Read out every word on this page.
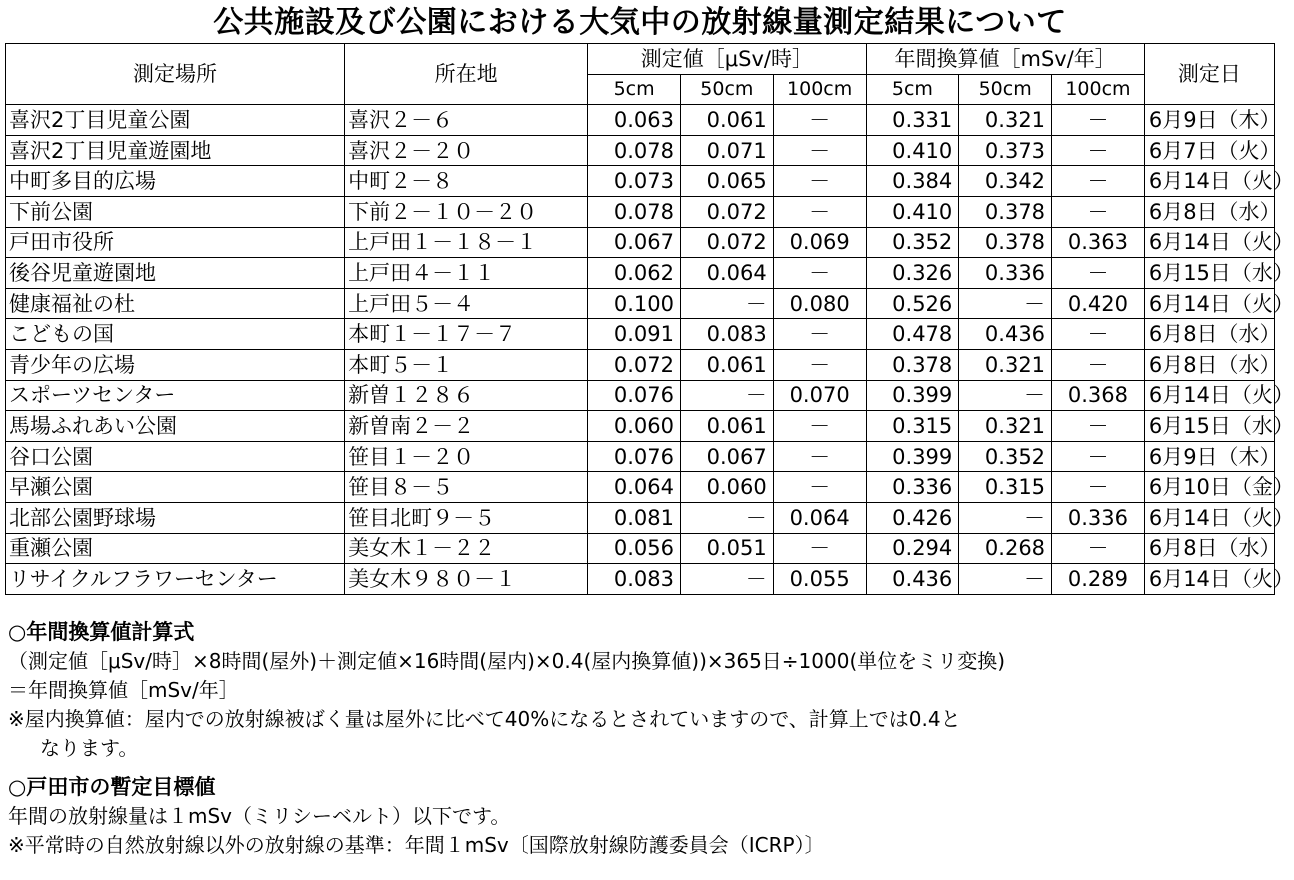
公共施設及び公園における大気中の放射線量測定結果について
測定場所	所在地	測定値［μSv/時］			年間換算値［mSv/年］			測定日
		5cm	50cm	100cm	5cm	50cm	100cm	
喜沢2丁目児童公園	喜沢２－６	0.063	0.061	－	0.331	0.321	－	6月9日（木）
喜沢2丁目児童遊園地	喜沢２－２０	0.078	0.071	－	0.410	0.373	－	6月7日（火）
中町多目的広場	中町２－８	0.073	0.065	－	0.384	0.342	－	6月14日（火）
下前公園	下前２－１０－２０	0.078	0.072	－	0.410	0.378	－	6月8日（水）
戸田市役所	上戸田１－１８－１	0.067	0.072	0.069	0.352	0.378	0.363	6月14日（火）
後谷児童遊園地	上戸田４－１１	0.062	0.064	－	0.326	0.336	－	6月15日（水）
健康福祉の杜	上戸田５－４	0.100	－	0.080	0.526	－	0.420	6月14日（火）
こどもの国	本町１－１７－７	0.091	0.083	－	0.478	0.436	－	6月8日（水）
青少年の広場	本町５－１	0.072	0.061	－	0.378	0.321	－	6月8日（水）
スポーツセンター	新曽１２８６	0.076	－	0.070	0.399	－	0.368	6月14日（火）
馬場ふれあい公園	新曽南２－２	0.060	0.061	－	0.315	0.321	－	6月15日（水）
谷口公園	笹目１－２０	0.076	0.067	－	0.399	0.352	－	6月9日（木）
早瀬公園	笹目８－５	0.064	0.060	－	0.336	0.315	－	6月10日（金）
北部公園野球場	笹目北町９－５	0.081	－	0.064	0.426	－	0.336	6月14日（火）
重瀬公園	美女木１－２２	0.056	0.051	－	0.294	0.268	－	6月8日（水）
リサイクルフラワーセンター	美女木９８０－１	0.083	－	0.055	0.436	－	0.289	6月14日（火）

○年間換算値計算式

（測定値［μSv/時］×8時間(屋外)＋測定値×16時間(屋内)×0.4(屋内換算値))×365日÷1000(単位をミリ変換)

＝年間換算値［mSv/年］

※屋内換算値：屋内での放射線被ばく量は屋外に比べて40%になるとされていますので、計算上では0.4と

なります。

○戸田市の暫定目標値

年間の放射線量は１mSv（ミリシーベルト）以下です。

※平常時の自然放射線以外の放射線の基準：年間１mSv〔国際放射線防護委員会（ICRP）〕
